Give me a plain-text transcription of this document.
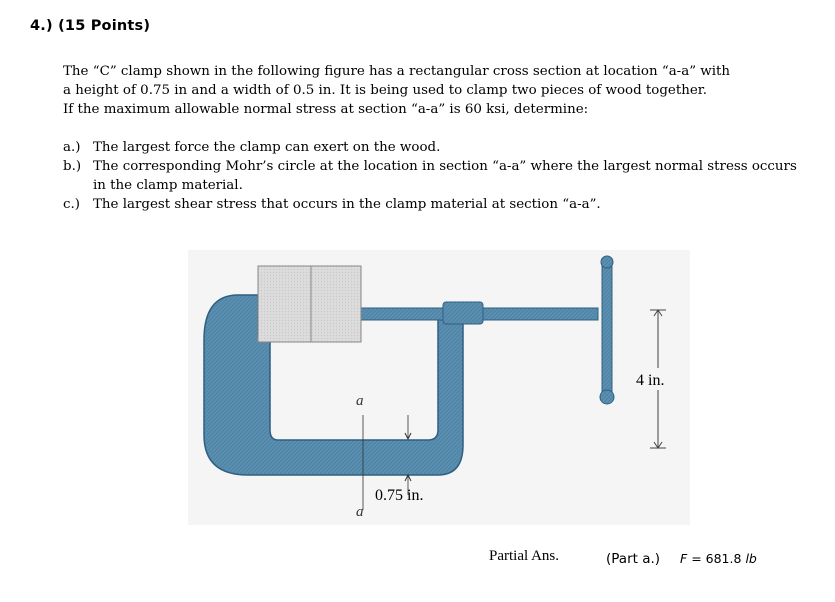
4.) (15 Points)

The “C” clamp shown in the following figure has a rectangular cross section at location “a-a” with

a height of 0.75 in and a width of 0.5 in. It is being used to clamp two pieces of wood together.

If the maximum allowable normal stress at section “a-a” is 60 ksi, determine:

a.) The largest force the clamp can exert on the wood.
b.) The corresponding Mohr’s circle at the location in section “a-a” where the largest normal stress occurs in the clamp material.
c.) The largest shear stress that occurs in the clamp material at section “a-a”.
4 in.
a
a
0.75 in.
Partial Ans.	(Part a.) F = 681.8 lb
